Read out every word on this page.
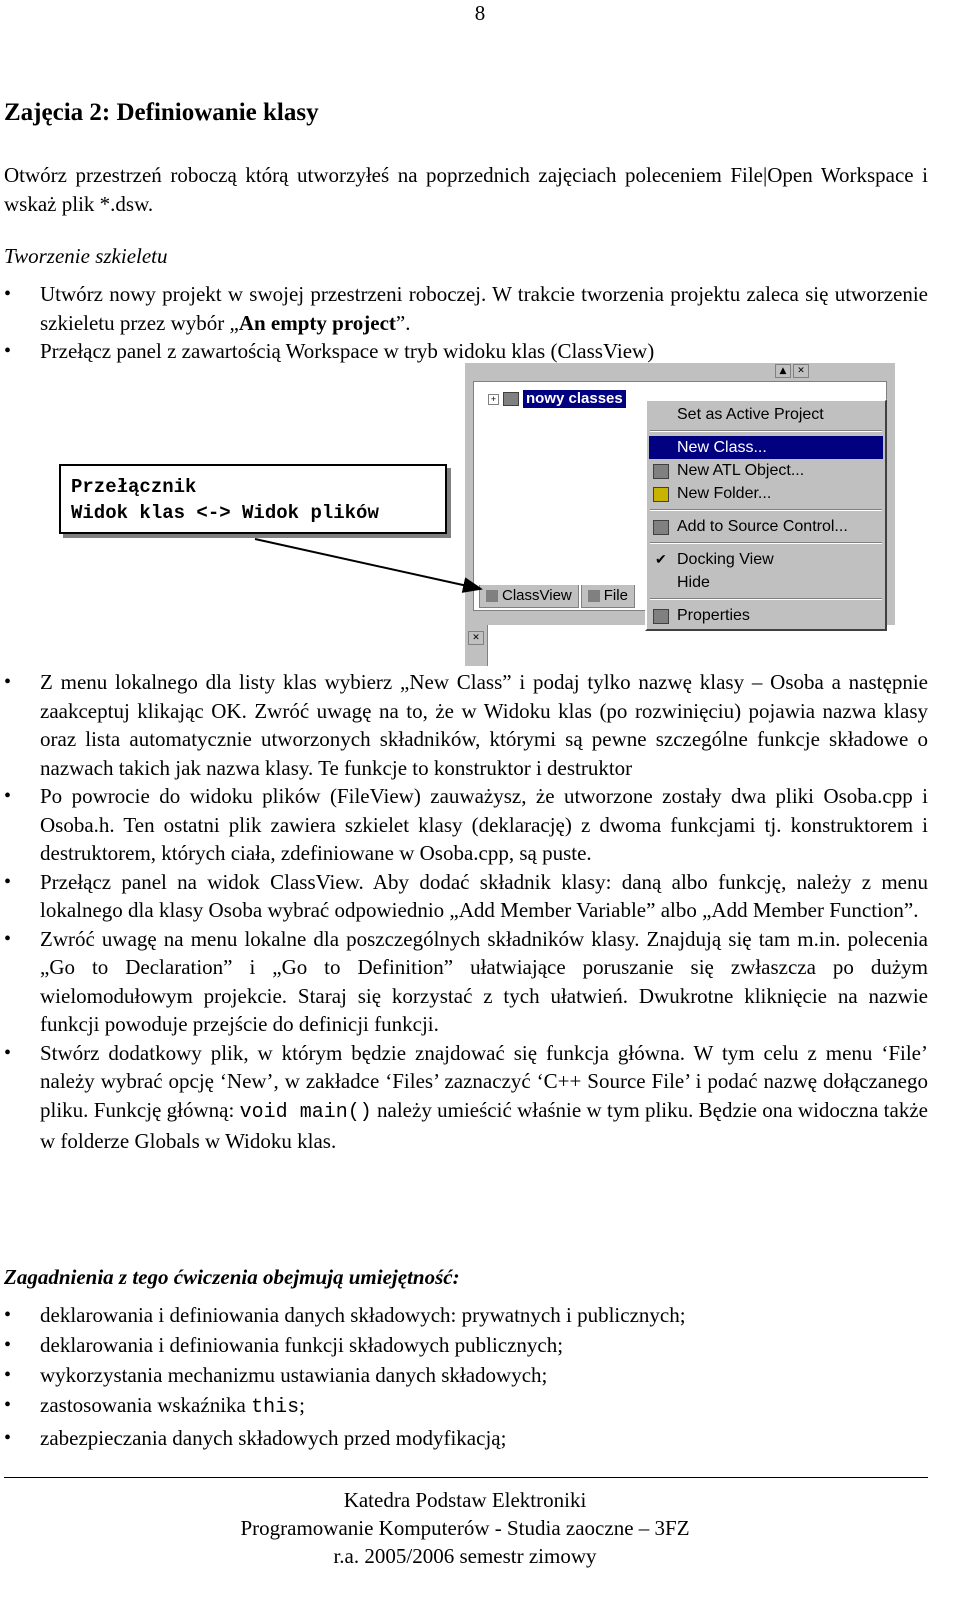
8
Zajęcia 2: Definiowanie klasy

Otwórz przestrzeń roboczą którą utworzyłeś na poprzednich zajęciach poleceniem File|Open Workspace i wskaż plik *.dsw.

Tworzenie szkieletu

• Utwórz nowy projekt w swojej przestrzeni roboczej. W trakcie tworzenia projektu zaleca się utworzenie szkieletu przez wybór „An empty project”.
• Przełącz panel z zawartością Workspace w tryb widoku klas (ClassView)
▲	✕
+ nowy classes
ClassView File
✕
Set as Active Project
New Class...
New ATL Object...
New Folder...
Add to Source Control...
✔ Docking View
Hide
Properties
Przełącznik
Widok klas <-> Widok plików
• Z menu lokalnego dla listy klas wybierz „New Class” i podaj tylko nazwę klasy – Osoba a następnie zaakceptuj klikając OK. Zwróć uwagę na to, że w Widoku klas (po rozwinięciu) pojawia nazwa klasy oraz lista automatycznie utworzonych składników, którymi są pewne szczególne funkcje składowe o nazwach takich jak nazwa klasy. Te funkcje to konstruktor i destruktor
• Po powrocie do widoku plików (FileView) zauważysz, że utworzone zostały dwa pliki Osoba.cpp i Osoba.h. Ten ostatni plik zawiera szkielet klasy (deklarację) z dwoma funkcjami tj. konstruktorem i destruktorem, których ciała, zdefiniowane w Osoba.cpp, są puste.
• Przełącz panel na widok ClassView. Aby dodać składnik klasy: daną albo funkcję, należy z menu lokalnego dla klasy Osoba wybrać odpowiednio „Add Member Variable” albo „Add Member Function”.
• Zwróć uwagę na menu lokalne dla poszczególnych składników klasy. Znajdują się tam m.in. polecenia „Go to Declaration” i „Go to Definition” ułatwiające poruszanie się zwłaszcza po dużym wielomodułowym projekcie. Staraj się korzystać z tych ułatwień. Dwukrotne kliknięcie na nazwie funkcji powoduje przejście do definicji funkcji.
• Stwórz dodatkowy plik, w którym będzie znajdować się funkcja główna. W tym celu z menu ‘File’ należy wybrać opcję ‘New’, w zakładce ‘Files’ zaznaczyć ‘C++ Source File’ i podać nazwę dołączanego pliku. Funkcję główną: void main() należy umieścić właśnie w tym pliku. Będzie ona widoczna także w folderze Globals w Widoku klas.

Zagadnienia z tego ćwiczenia obejmują umiejętność:

• deklarowania i definiowania danych składowych: prywatnych i publicznych;
• deklarowania i definiowania funkcji składowych publicznych;
• wykorzystania mechanizmu ustawiania danych składowych;
• zastosowania wskaźnika this;
• zabezpieczania danych składowych przed modyfikacją;
Katedra Podstaw Elektroniki
Programowanie Komputerów - Studia zaoczne – 3FZ
r.a. 2005/2006 semestr zimowy
